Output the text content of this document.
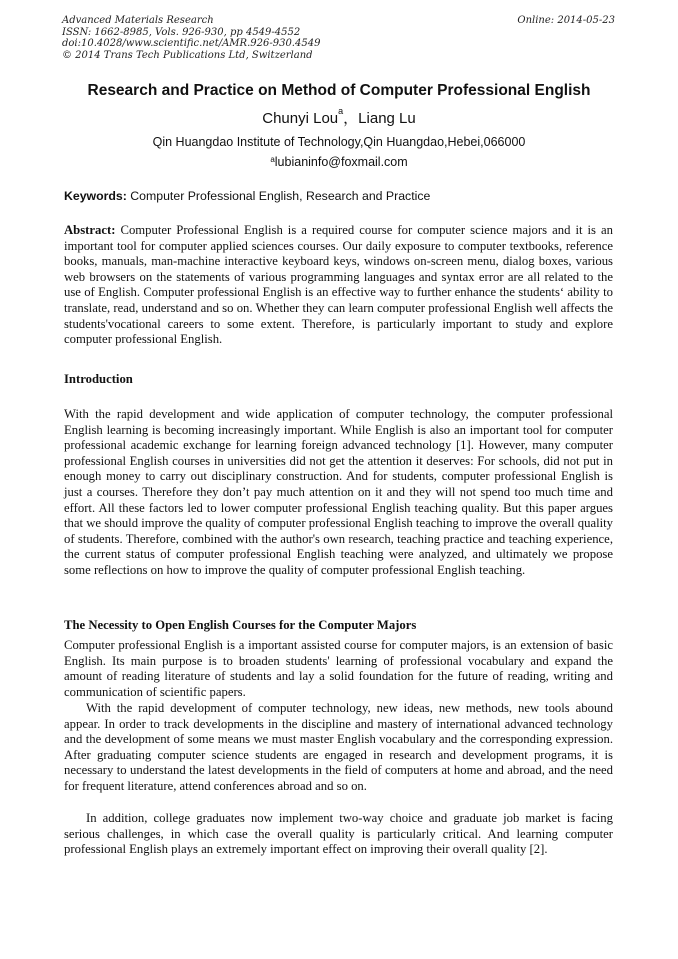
Advanced Materials Research
ISSN: 1662-8985, Vols. 926-930, pp 4549-4552
doi:10.4028/www.scientific.net/AMR.926-930.4549
© 2014 Trans Tech Publications Ltd, Switzerland
Online: 2014-05-23
Research and Practice on Method of Computer Professional English
Chunyi Lou$^a$，Liang Lu
Qin Huangdao Institute of Technology,Qin Huangdao,Hebei,066000
$^a$lubianinfo@foxmail.com
Keywords: Computer Professional English, Research and Practice

Abstract: Computer Professional English is a required course for computer science majors and it is an important tool for computer applied sciences courses. Our daily exposure to computer textbooks, reference books, manuals, man-machine interactive keyboard keys, windows on-screen menu, dialog boxes, various web browsers on the statements of various programming languages and syntax error are all related to the use of English. Computer professional English is an effective way to further enhance the students‘ ability to translate, read, understand and so on. Whether they can learn computer professional English well affects the students'vocational careers to some extent. Therefore, is particularly important to study and explore computer professional English.

Introduction

With the rapid development and wide application of computer technology, the computer professional English learning is becoming increasingly important. While English is also an important tool for computer professional academic exchange for learning foreign advanced technology [1]. However, many computer professional English courses in universities did not get the attention it deserves: For schools, did not put in enough money to carry out disciplinary construction. And for students, computer professional English is just a courses. Therefore they don’t pay much attention on it and they will not spend too much time and effort. All these factors led to lower computer professional English teaching quality. But this paper argues that we should improve the quality of computer professional English teaching to improve the overall quality of students. Therefore, combined with the author's own research, teaching practice and teaching experience, the current status of computer professional English teaching were analyzed, and ultimately we propose some reflections on how to improve the quality of computer professional English teaching.

The Necessity to Open English Courses for the Computer Majors

Computer professional English is a important assisted course for computer majors, is an extension of basic English. Its main purpose is to broaden students' learning of professional vocabulary and expand the amount of reading literature of students and lay a solid foundation for the future of reading, writing and communication of scientific papers.

With the rapid development of computer technology, new ideas, new methods, new tools abound appear. In order to track developments in the discipline and mastery of international advanced technology and the development of some means we must master English vocabulary and the corresponding expression. After graduating computer science students are engaged in research and development programs, it is necessary to understand the latest developments in the field of computers at home and abroad, and the need for frequent literature, attend conferences abroad and so on.

In addition, college graduates now implement two-way choice and graduate job market is facing serious challenges, in which case the overall quality is particularly critical. And learning computer professional English plays an extremely important effect on improving their overall quality [2].
